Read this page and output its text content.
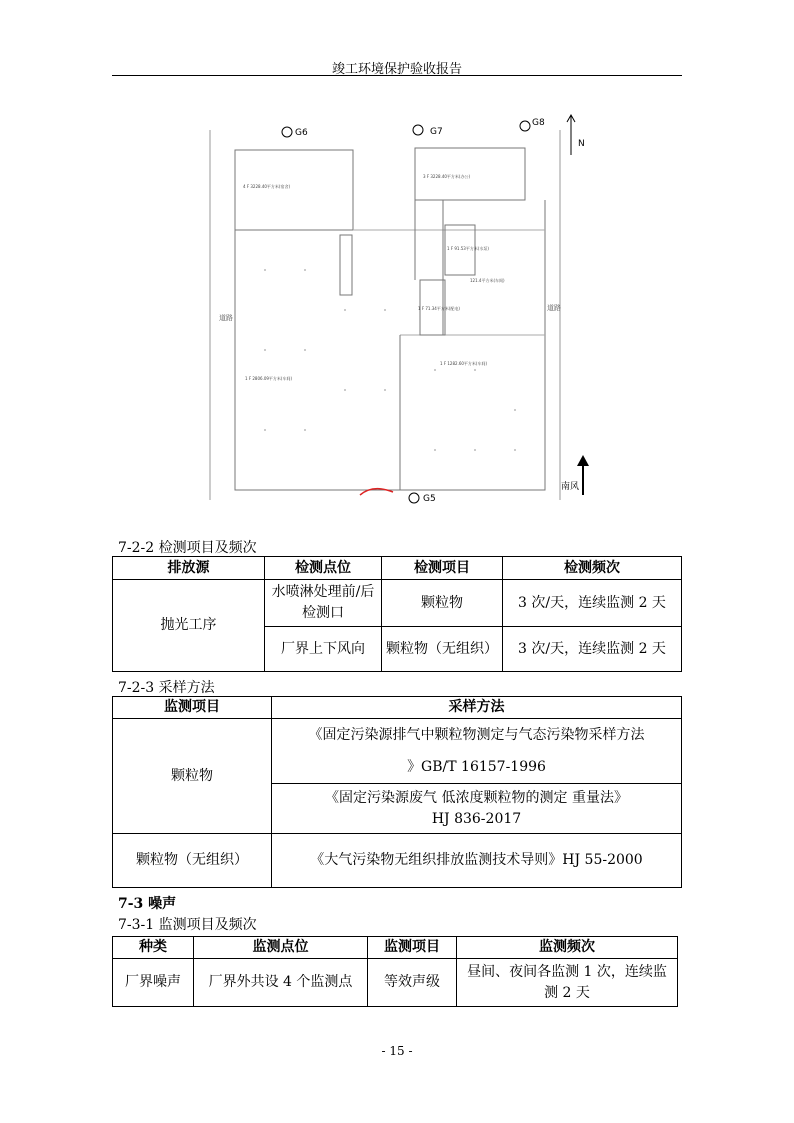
竣工环境保护验收报告
1 F 2806.09平方米(车间)
1 F 1282.60平方米(车间)
121.4平方米(车间)
4 F 3228.40平方米(宿舍)
3 F 3228.40平方米(办公)
1 F 91.53平方米(水泵)
1 F 71.34平方米(配电)
道路
道路
G6	G7
G8
G5
N
南风
7-2-2 检测项目及频次
排放源	检测点位	检测项目	检测频次
抛光工序	水喷淋处理前/后检测口	颗粒物	3 次/天，连续监测 2 天
	厂界上下风向	颗粒物（无组织）	3 次/天，连续监测 2 天
7-2-3 采样方法
监测项目	采样方法
颗粒物	《固定污染源排气中颗粒物测定与气态污染物采样方法
》GB/T 16157-1996

	《固定污染源废气 低浓度颗粒物的测定 重量法》
HJ 836-2017

颗粒物（无组织）	《大气污染物无组织排放监测技术导则》HJ 55-2000
7-3 噪声
7-3-1 监测项目及频次
种类	监测点位	监测项目	监测频次
厂界噪声	厂界外共设 4 个监测点	等效声级	昼间、夜间各监测 1 次，连续监测 2 天
- 15 -
